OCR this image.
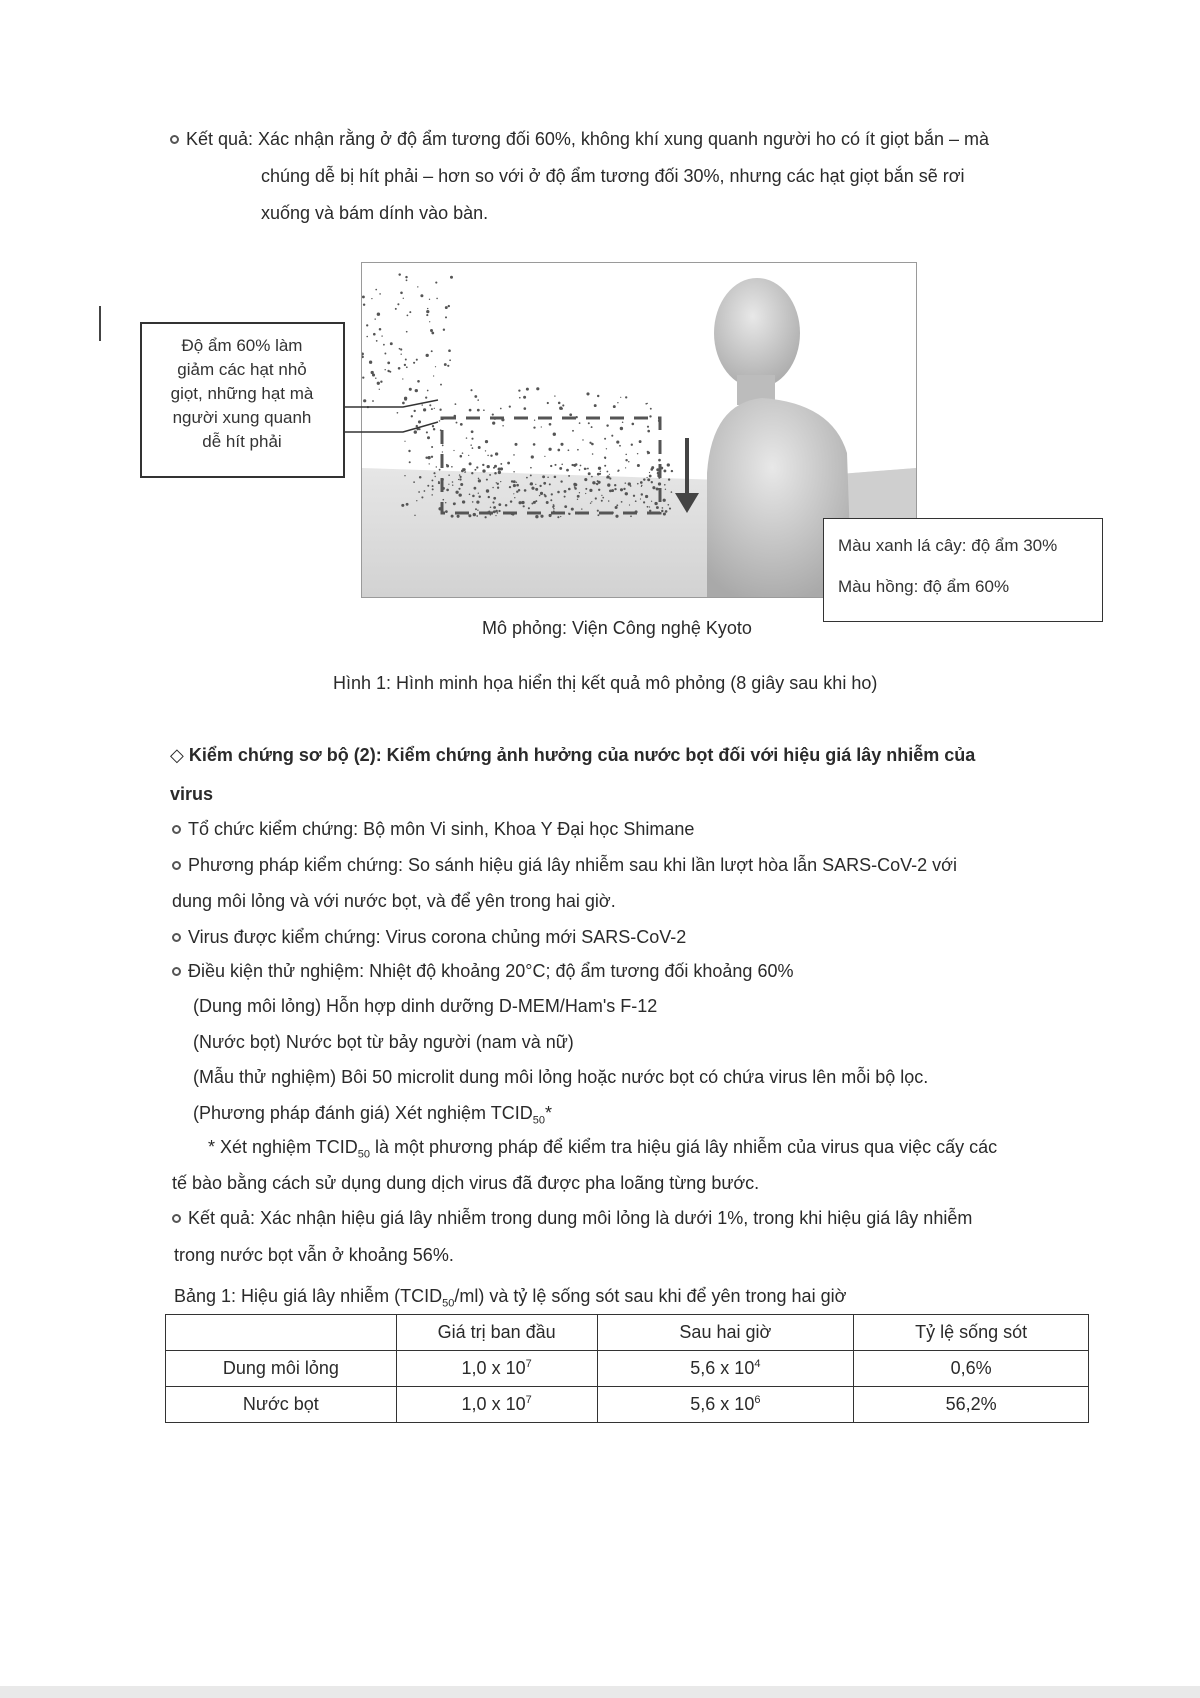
Kết quả: Xác nhận rằng ở độ ẩm tương đối 60%, không khí xung quanh người ho có ít giọt bắn – mà
chúng dễ bị hít phải – hơn so với ở độ ẩm tương đối 30%, nhưng các hạt giọt bắn sẽ rơi
xuống và bám dính vào bàn.
Độ ẩm 60% làm
giảm các hạt nhỏ
giọt, những hạt mà
người xung quanh
dễ hít phải
Màu xanh lá cây: độ ẩm 30%
Màu hồng: độ ẩm 60%
Mô phỏng: Viện Công nghệ Kyoto
Hình 1: Hình minh họa hiển thị kết quả mô phỏng (8 giây sau khi ho)
◇ Kiểm chứng sơ bộ (2): Kiểm chứng ảnh hưởng của nước bọt đối với hiệu giá lây nhiễm của
virus
Tổ chức kiểm chứng: Bộ môn Vi sinh, Khoa Y Đại học Shimane
Phương pháp kiểm chứng: So sánh hiệu giá lây nhiễm sau khi lần lượt hòa lẫn SARS-CoV-2 với
dung môi lỏng và với nước bọt, và để yên trong hai giờ.
Virus được kiểm chứng: Virus corona chủng mới SARS-CoV-2
Điều kiện thử nghiệm: Nhiệt độ khoảng 20°C; độ ẩm tương đối khoảng 60%
(Dung môi lỏng) Hỗn hợp dinh dưỡng D-MEM/Ham's F-12
(Nước bọt) Nước bọt từ bảy người (nam và nữ)
(Mẫu thử nghiệm) Bôi 50 microlit dung môi lỏng hoặc nước bọt có chứa virus lên mỗi bộ lọc.
(Phương pháp đánh giá) Xét nghiệm $TCID_{50}*$
* Xét nghiệm $TCID_{50}$ là một phương pháp để kiểm tra hiệu giá lây nhiễm của virus qua việc cấy các
tế bào bằng cách sử dụng dung dịch virus đã được pha loãng từng bước.
Kết quả: Xác nhận hiệu giá lây nhiễm trong dung môi lỏng là dưới 1%, trong khi hiệu giá lây nhiễm
trong nước bọt vẫn ở khoảng 56%.
Bảng 1: Hiệu giá lây nhiễm $(TCID_{50}/ml)$ và tỷ lệ sống sót sau khi để yên trong hai giờ
	Giá trị ban đầu	Sau hai giờ	Tỷ lệ sống sót
Dung môi lỏng	1,0 x $10^7$	5,6 x $10^4$	0,6%
Nước bọt	1,0 x $10^7$	5,6 x $10^6$	56,2%
